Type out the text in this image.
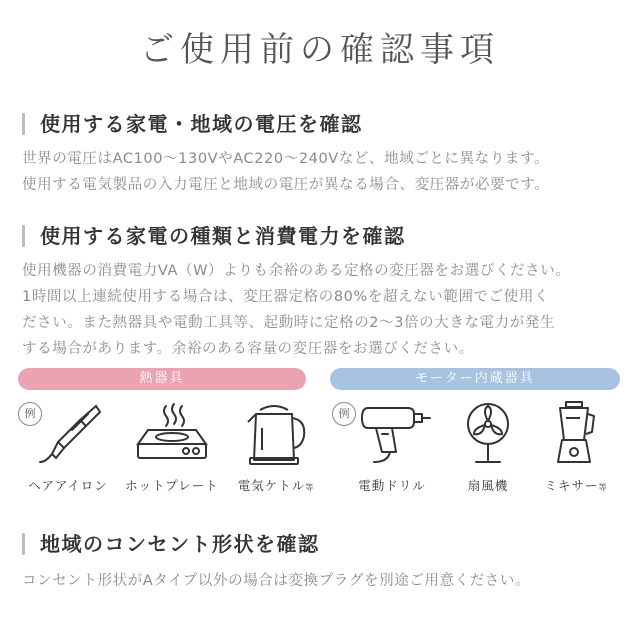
ご使用前の確認事項
使用する家電・地域の電圧を確認
世界の電圧はAC100〜130VやAC220〜240Vなど、地域ごとに異なります。
使用する電気製品の入力電圧と地域の電圧が異なる場合、変圧器が必要です。
使用する家電の種類と消費電力を確認
使用機器の消費電力VA（W）よりも余裕のある定格の変圧器をお選びください。
1時間以上連続使用する場合は、変圧器定格の80%を超えない範囲でご使用く
ださい。また熱器具や電動工具等、起動時に定格の2〜3倍の大きな電力が発生
する場合があります。余裕のある容量の変圧器をお選びください。
熱器具	モーター内蔵器具
例	例
ヘアアイロン	ホットプレート	電気ケトル等	電動ドリル	扇風機	ミキサー等
地域のコンセント形状を確認
コンセント形状がAタイプ以外の場合は変換プラグを別途ご用意ください。
